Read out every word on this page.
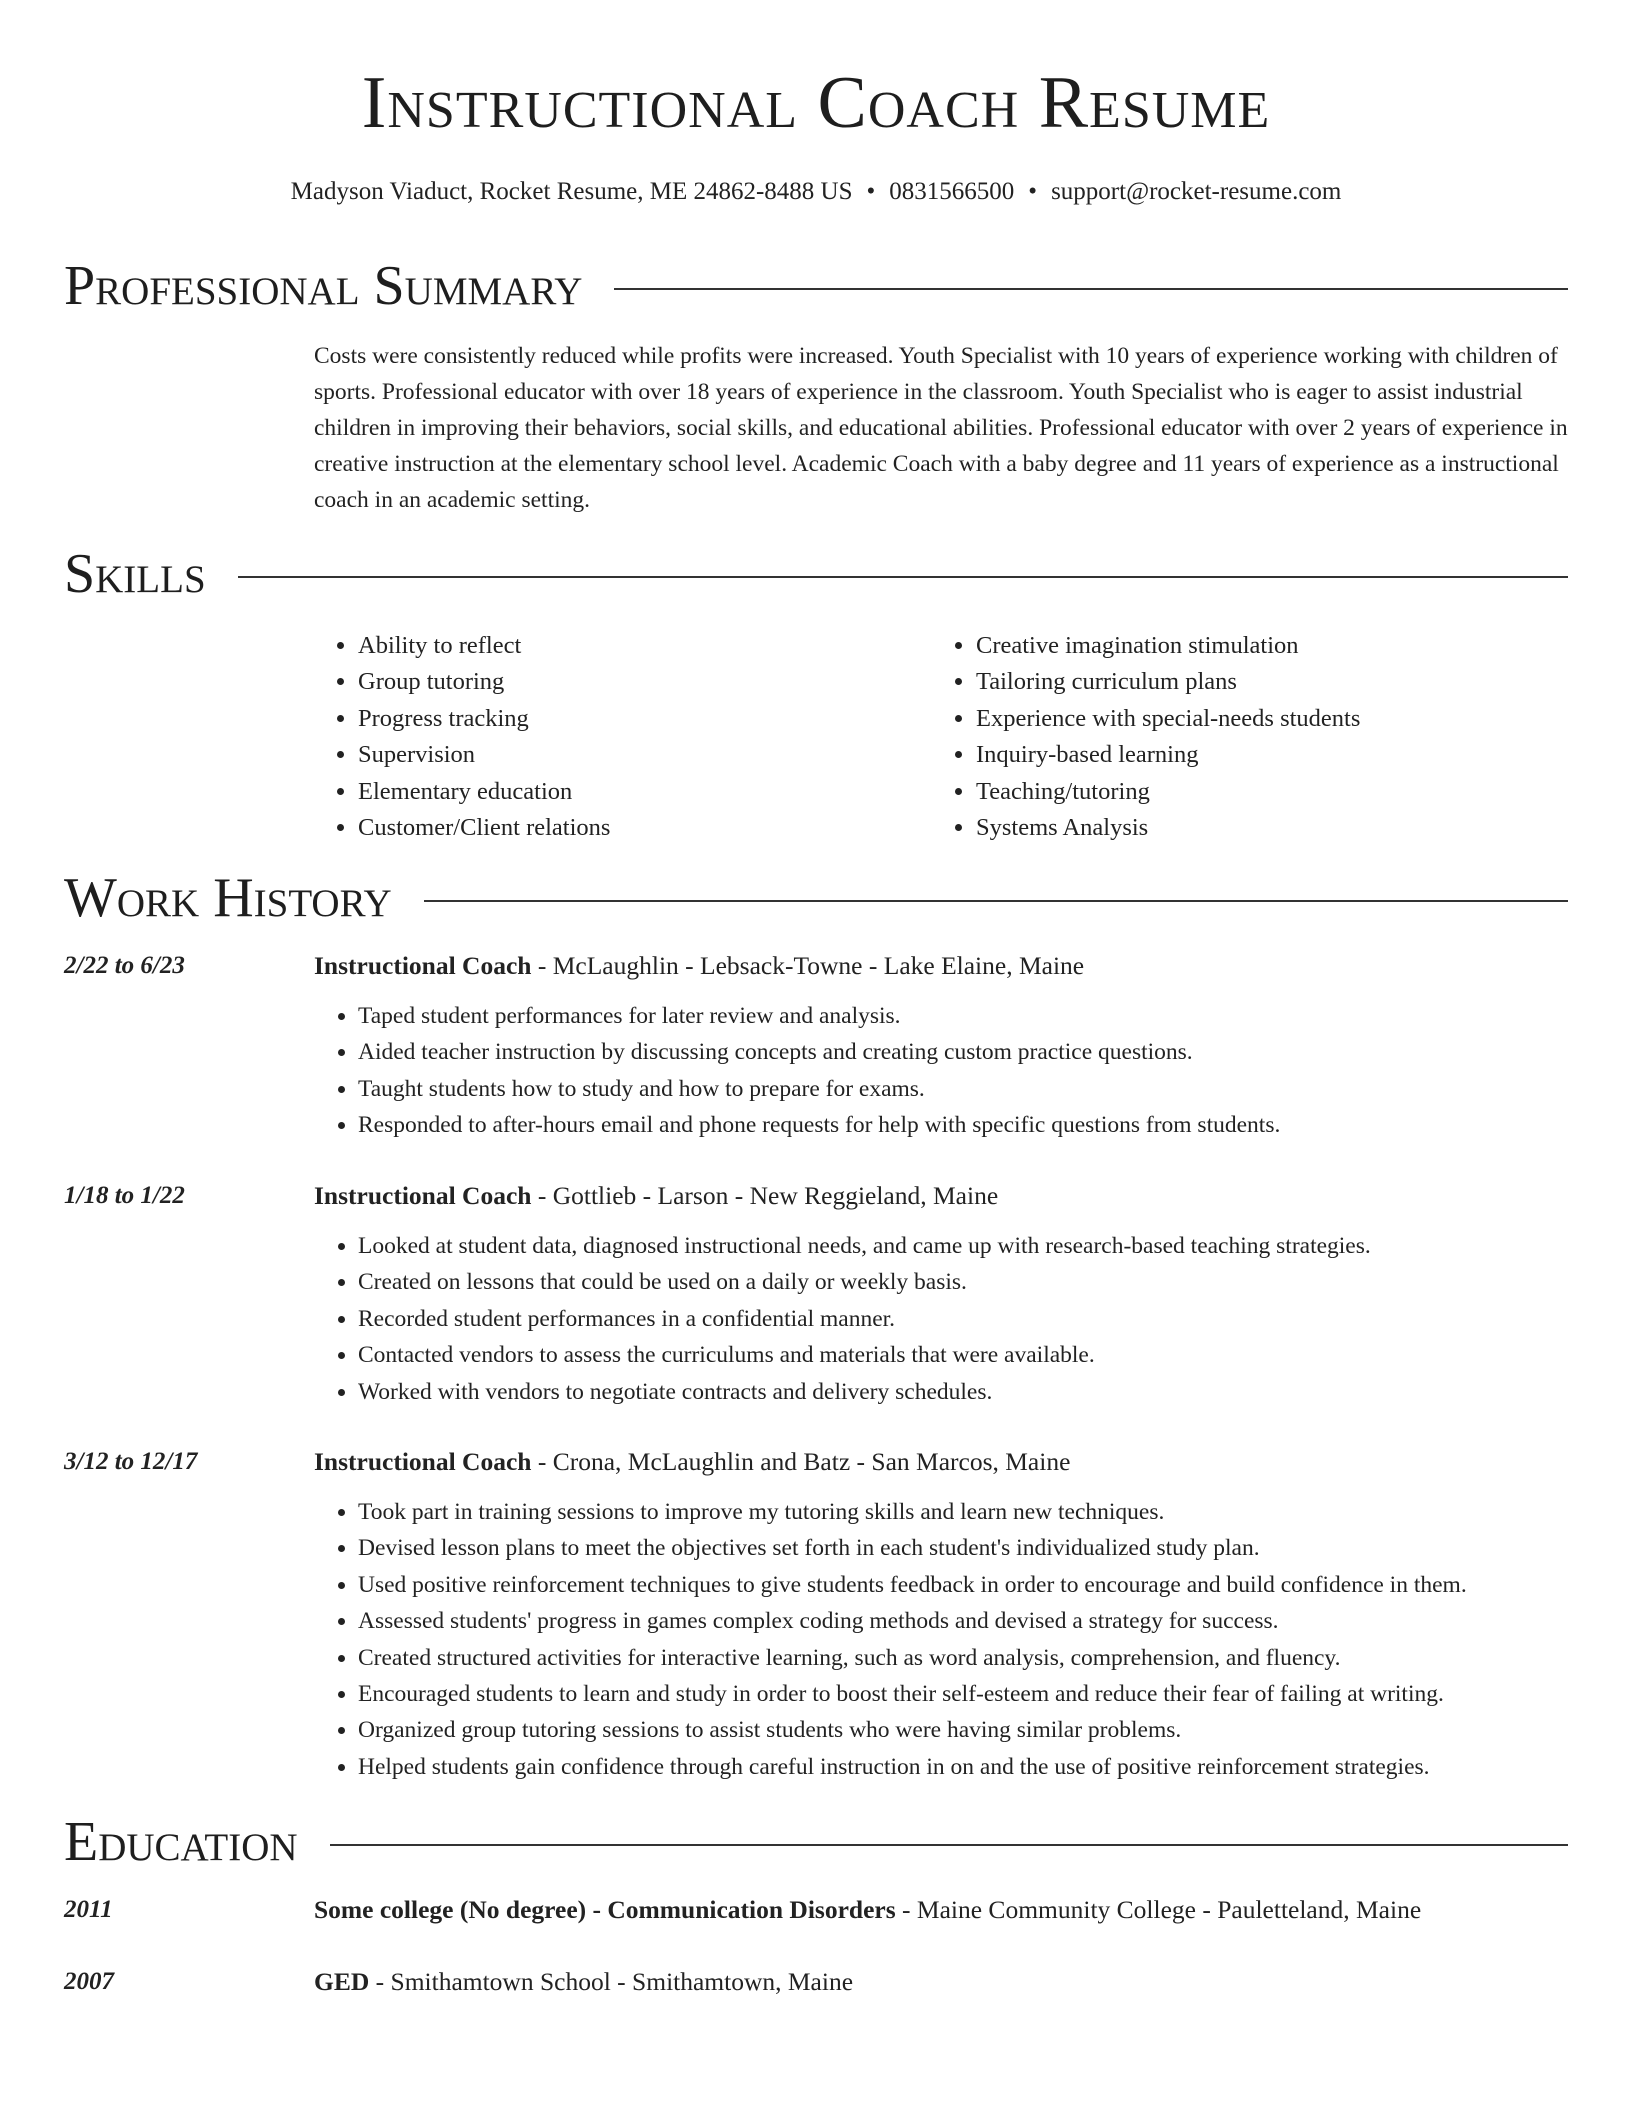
Instructional Coach Resume
Madyson Viaduct, Rocket Resume, ME 24862-8488 US • 0831566500 • support@rocket-resume.com
Professional Summary

Costs were consistently reduced while profits were increased. Youth Specialist with 10 years of experience working with children of sports. Professional educator with over 18 years of experience in the classroom. Youth Specialist who is eager to assist industrial children in improving their behaviors, social skills, and educational abilities. Professional educator with over 2 years of experience in creative instruction at the elementary school level. Academic Coach with a baby degree and 11 years of experience as a instructional coach in an academic setting.

Skills
• Ability to reflect
• Group tutoring
• Progress tracking
• Supervision
• Elementary education
• Customer/Client relations
• Creative imagination stimulation
• Tailoring curriculum plans
• Experience with special-needs students
• Inquiry-based learning
• Teaching/tutoring
• Systems Analysis
Work History
2/22 to 6/23	Instructional Coach - McLaughlin - Lebsack-Towne - Lake Elaine, Maine
• Taped student performances for later review and analysis.
• Aided teacher instruction by discussing concepts and creating custom practice questions.
• Taught students how to study and how to prepare for exams.
• Responded to after-hours email and phone requests for help with specific questions from students.
1/18 to 1/22	Instructional Coach - Gottlieb - Larson - New Reggieland, Maine
• Looked at student data, diagnosed instructional needs, and came up with research-based teaching strategies.
• Created on lessons that could be used on a daily or weekly basis.
• Recorded student performances in a confidential manner.
• Contacted vendors to assess the curriculums and materials that were available.
• Worked with vendors to negotiate contracts and delivery schedules.
3/12 to 12/17	Instructional Coach - Crona, McLaughlin and Batz - San Marcos, Maine
• Took part in training sessions to improve my tutoring skills and learn new techniques.
• Devised lesson plans to meet the objectives set forth in each student's individualized study plan.
• Used positive reinforcement techniques to give students feedback in order to encourage and build confidence in them.
• Assessed students' progress in games complex coding methods and devised a strategy for success.
• Created structured activities for interactive learning, such as word analysis, comprehension, and fluency.
• Encouraged students to learn and study in order to boost their self-esteem and reduce their fear of failing at writing.
• Organized group tutoring sessions to assist students who were having similar problems.
• Helped students gain confidence through careful instruction in on and the use of positive reinforcement strategies.
Education
2011	Some college (No degree) - Communication Disorders - Maine Community College - Pauletteland, Maine
2007	GED - Smithamtown School - Smithamtown, Maine
